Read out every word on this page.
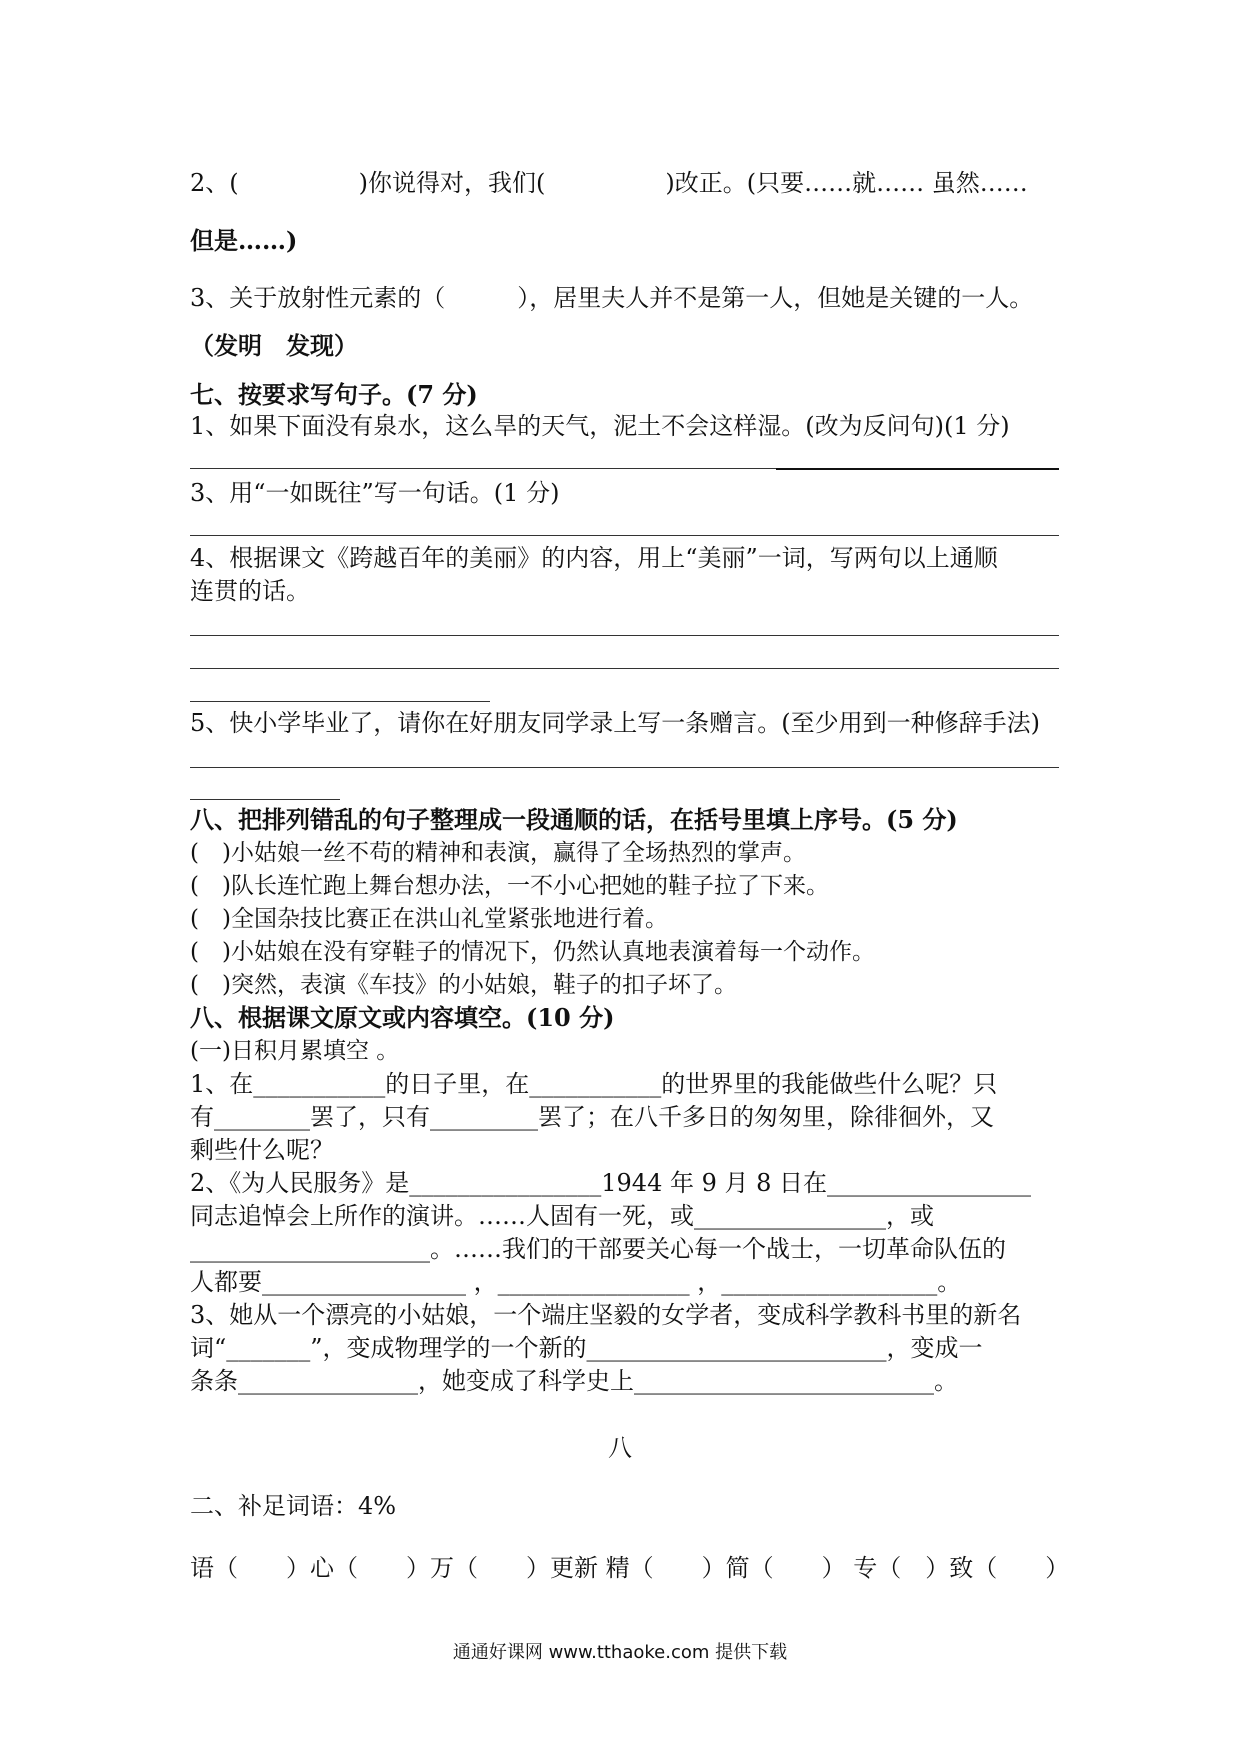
2、(　　　　　)你说得对，我们(　　　　　)改正。(只要……就…… 虽然……
但是……)
3、关于放射性元素的（　　　），居里夫人并不是第一人，但她是关键的一人。
（发明　发现）
七、按要求写句子。(7 分)
1、如果下面没有泉水，这么旱的天气，泥土不会这样湿。(改为反问句)(1 分)
3、用“一如既往”写一句话。(1 分)
4、根据课文《跨越百年的美丽》的内容，用上“美丽”一词，写两句以上通顺
连贯的话。
5、快小学毕业了，请你在好朋友同学录上写一条赠言。(至少用到一种修辞手法)
八、把排列错乱的句子整理成一段通顺的话，在括号里填上序号。(5 分)
(　)小姑娘一丝不苟的精神和表演，赢得了全场热烈的掌声。
(　)队长连忙跑上舞台想办法，一不小心把她的鞋子拉了下来。
(　)全国杂技比赛正在洪山礼堂紧张地进行着。
(　)小姑娘在没有穿鞋子的情况下，仍然认真地表演着每一个动作。
(　)突然，表演《车技》的小姑娘，鞋子的扣子坏了。
八、根据课文原文或内容填空。(10 分)
(一)日积月累填空 。
1、在___________的日子里，在___________的世界里的我能做些什么呢？只
有________罢了，只有_________罢了；在八千多日的匆匆里，除徘徊外，又
剩些什么呢？
2、《为人民服务》是________________1944 年 9 月 8 日在_________________
同志追悼会上所作的演讲。……人固有一死，或________________，或
____________________。……我们的干部要关心每一个战士，一切革命队伍的
人都要_________________ ，________________ ，__________________。
3、她从一个漂亮的小姑娘，一个端庄坚毅的女学者，变成科学教科书里的新名
词“_______”，变成物理学的一个新的_________________________，变成一
条条_______________，她变成了科学史上_________________________。
八
二、补足词语：4%
语（　　）心（　　）万（　　）更新 精（　　）简（　　） 专（　）致（　　）
通通好课网 www.tthaoke.com 提供下载
